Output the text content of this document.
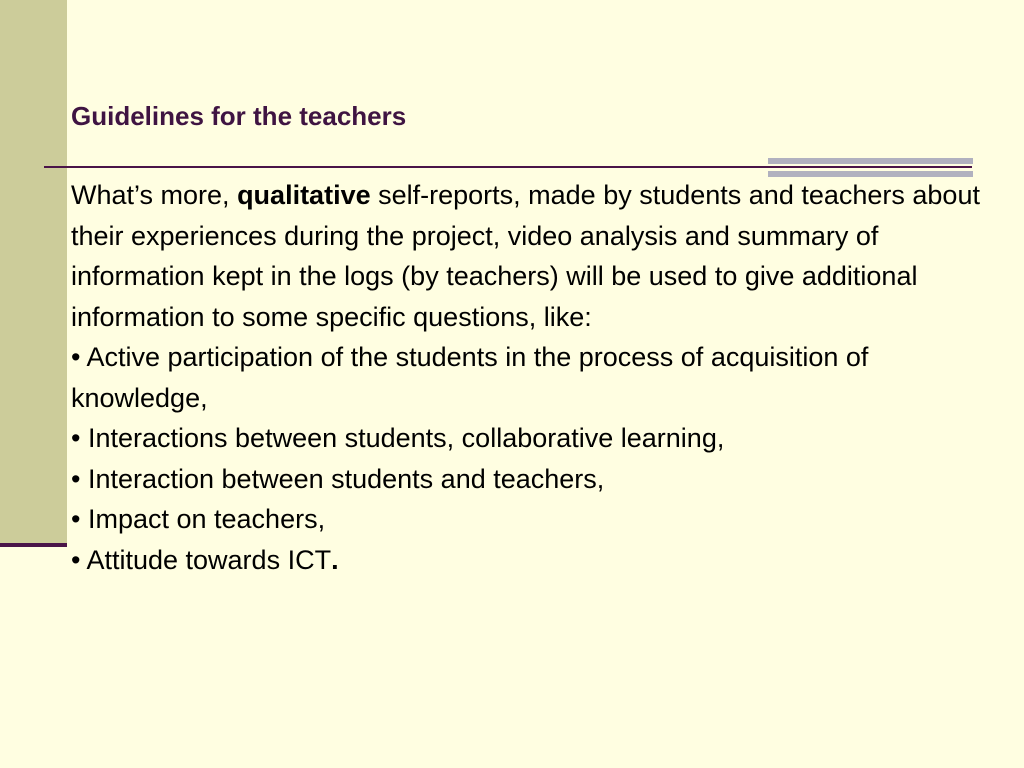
Guidelines for the teachers

What’s more, qualitative self-reports, made by students and teachers about their experiences during the project, video analysis and summary of information kept in the logs (by teachers) will be used to give additional information to some specific questions, like:

• Active participation of the students in the process of acquisition of knowledge,

• Interactions between students, collaborative learning,

• Interaction between students and teachers,

• Impact on teachers,

• Attitude towards ICT.
